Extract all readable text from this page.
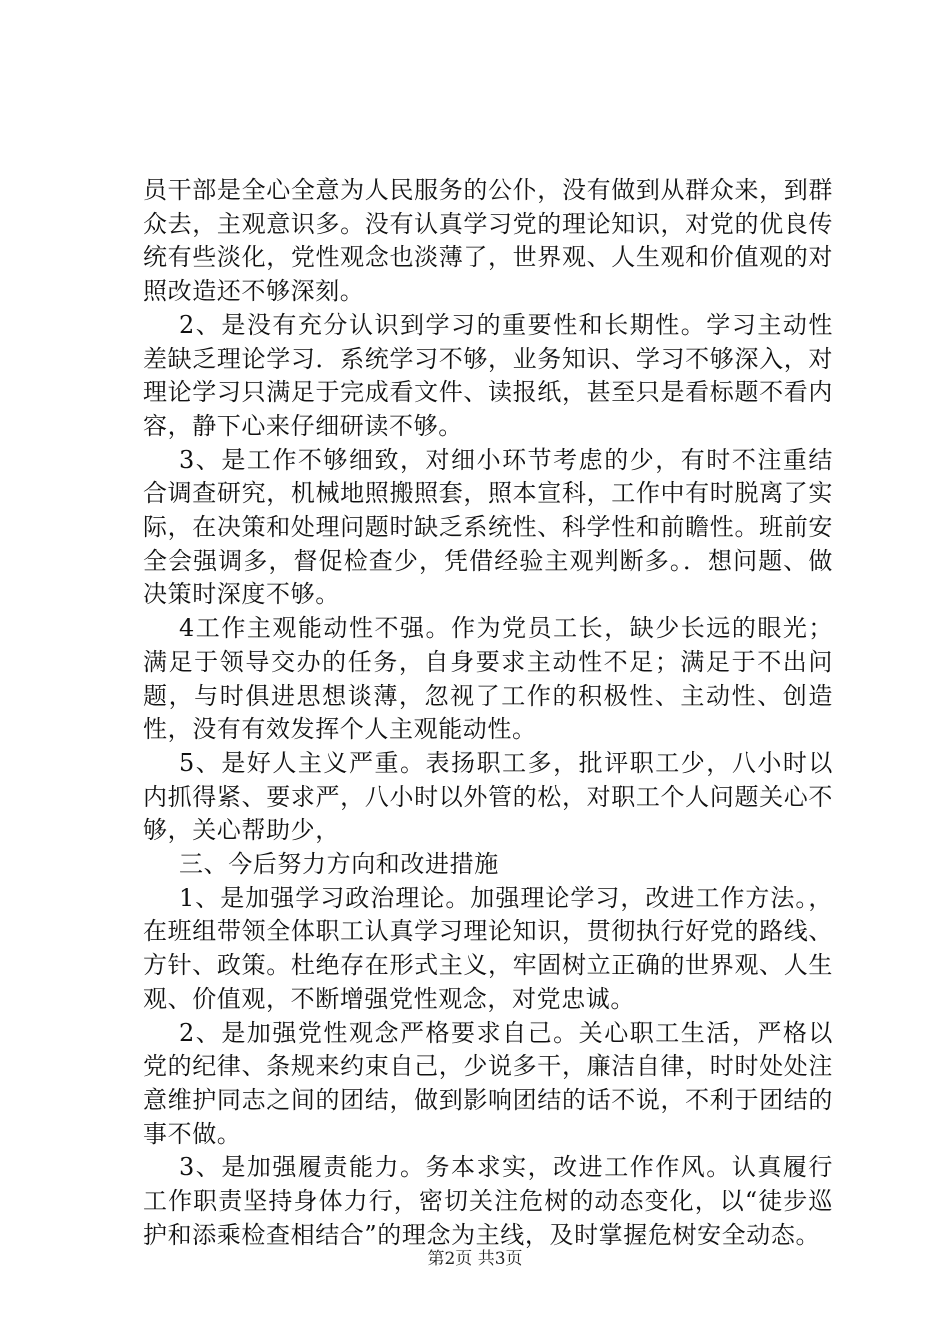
员干部是全心全意为人民服务的公仆，没有做到从群众来，到群众去，主观意识多。没有认真学习党的理论知识，对党的优良传统有些淡化，党性观念也淡薄了，世界观、人生观和价值观的对照改造还不够深刻。

2、是没有充分认识到学习的重要性和长期性。学习主动性差缺乏理论学习．系统学习不够，业务知识、学习不够深入，对理论学习只满足于完成看文件、读报纸，甚至只是看标题不看内容，静下心来仔细研读不够。

3、是工作不够细致，对细小环节考虑的少，有时不注重结合调查研究，机械地照搬照套，照本宣科，工作中有时脱离了实际，在决策和处理问题时缺乏系统性、科学性和前瞻性。班前安全会强调多，督促检查少，凭借经验主观判断多。．想问题、做决策时深度不够。

4工作主观能动性不强。作为党员工长，缺少长远的眼光；满足于领导交办的任务，自身要求主动性不足；满足于不出问题，与时俱进思想谈薄，忽视了工作的积极性、主动性、创造性，没有有效发挥个人主观能动性。

5、是好人主义严重。表扬职工多，批评职工少，八小时以内抓得紧、要求严，八小时以外管的松，对职工个人问题关心不够，关心帮助少，

三、今后努力方向和改进措施

1、是加强学习政治理论。加强理论学习，改进工作方法。，在班组带领全体职工认真学习理论知识，贯彻执行好党的路线、方针、政策。杜绝存在形式主义，牢固树立正确的世界观、人生观、价值观，不断增强党性观念，对党忠诚。

2、是加强党性观念严格要求自己。关心职工生活，严格以党的纪律、条规来约束自己，少说多干，廉洁自律，时时处处注意维护同志之间的团结，做到影响团结的话不说，不利于团结的事不做。

3、是加强履责能力。务本求实，改进工作作风。认真履行工作职责坚持身体力行，密切关注危树的动态变化，以“徒步巡护和添乘检查相结合”的理念为主线，及时掌握危树安全动态。

第2页 共3页
